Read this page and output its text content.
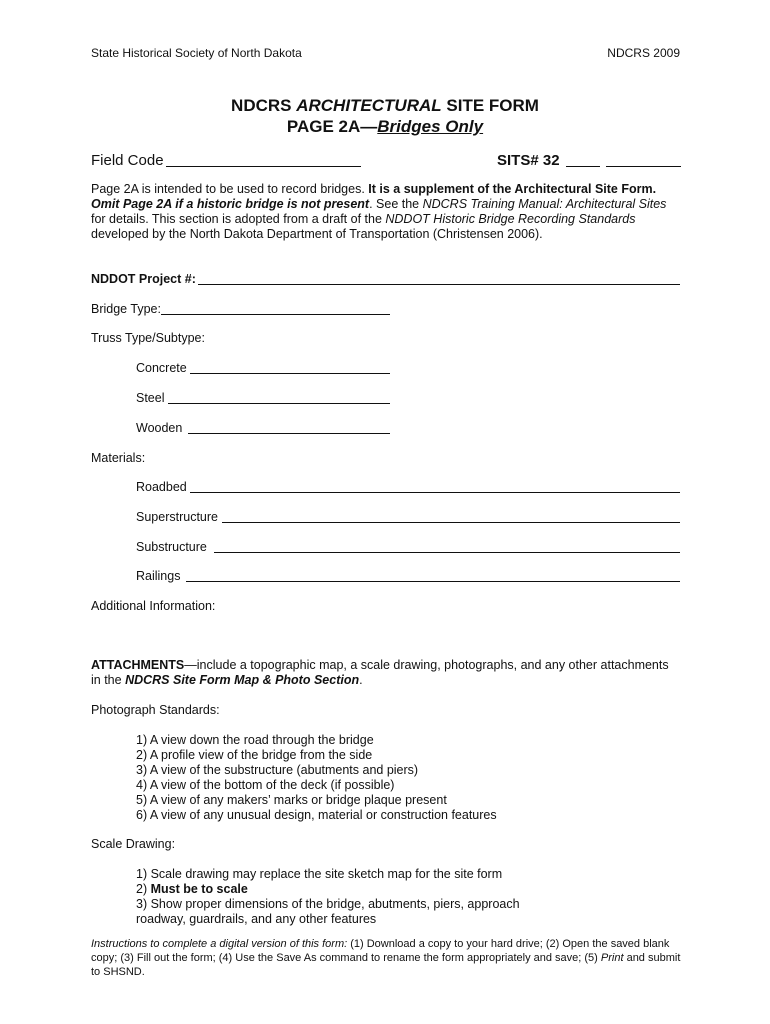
State Historical Society of North Dakota	NDCRS 2009
NDCRS ARCHITECTURAL SITE FORM
PAGE 2A—Bridges Only
Field Code	SITS# 32
Page 2A is intended to be used to record bridges. It is a supplement of the Architectural Site Form. Omit Page 2A if a historic bridge is not present. See the NDCRS Training Manual: Architectural Sites for details. This section is adopted from a draft of the NDDOT Historic Bridge Recording Standards developed by the North Dakota Department of Transportation (Christensen 2006).
NDDOT Project #:
Bridge Type:
Truss Type/Subtype:
Concrete
Steel
Wooden
Materials:
Roadbed
Superstructure
Substructure
Railings
Additional Information:
ATTACHMENTS—include a topographic map, a scale drawing, photographs, and any other attachments in the NDCRS Site Form Map & Photo Section.
Photograph Standards:
1) A view down the road through the bridge
2) A profile view of the bridge from the side
3) A view of the substructure (abutments and piers)
4) A view of the bottom of the deck (if possible)
5) A view of any makers’ marks or bridge plaque present
6) A view of any unusual design, material or construction features
Scale Drawing:
1) Scale drawing may replace the site sketch map for the site form
2) Must be to scale
3) Show proper dimensions of the bridge, abutments, piers, approach
roadway, guardrails, and any other features
Instructions to complete a digital version of this form: (1) Download a copy to your hard drive; (2) Open the saved blank copy; (3) Fill out the form; (4) Use the Save As command to rename the form appropriately and save; (5) Print and submit to SHSND.
